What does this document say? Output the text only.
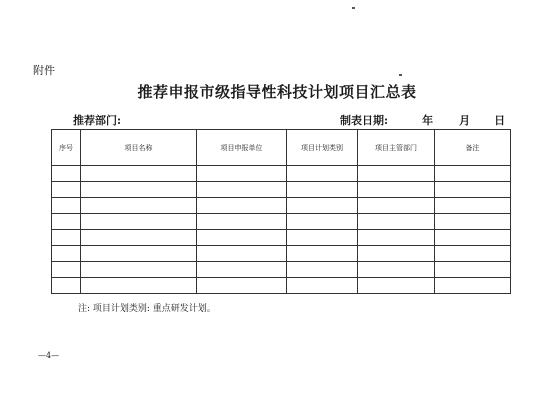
附件
推荐申报市级指导性科技计划项目汇总表
推荐部门:	制表日期:	年 月 日
序号	项目名称	项目申报单位	项目计划类别	项目主管部门	备注

注: 项目计划类别: 重点研发计划。
—4—
